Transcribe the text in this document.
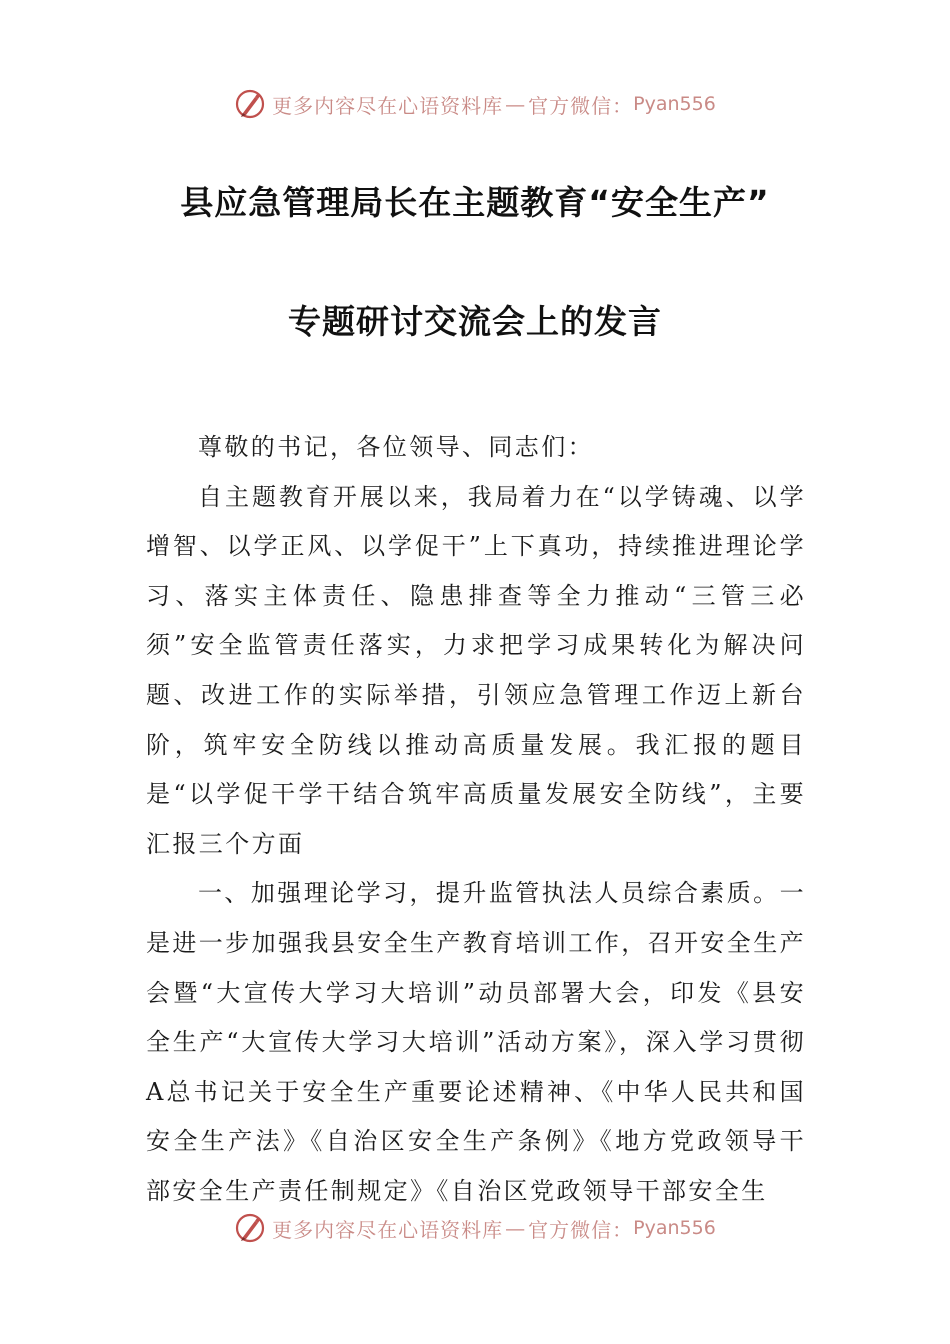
更多内容尽在心语资料库 — 官方微信： Pyan556
县应急管理局长在主题教育“安全生产”
专题研讨交流会上的发言

尊敬的书记，各位领导、同志们：

自主题教育开展以来，我局着力在“以学铸魂、以学增智、以学正风、以学促干”上下真功，持续推进理论学习、落实主体责任、隐患排查等全力推动“三管三必须”安全监管责任落实，力求把学习成果转化为解决问题、改进工作的实际举措，引领应急管理工作迈上新台阶，筑牢安全防线以推动高质量发展。我汇报的题目是“以学促干学干结合筑牢高质量发展安全防线”，主要汇报三个方面

一、加强理论学习，提升监管执法人员综合素质。一是进一步加强我县安全生产教育培训工作，召开安全生产会暨“大宣传大学习大培训”动员部署大会，印发《县安全生产“大宣传大学习大培训”活动方案》，深入学习贯彻A总书记关于安全生产重要论述精神、《中华人民共和国安全生产法》《自治区安全生产条例》《地方党政领导干部安全生产责任制规定》《自治区党政领导干部安全生

更多内容尽在心语资料库 — 官方微信： Pyan556
